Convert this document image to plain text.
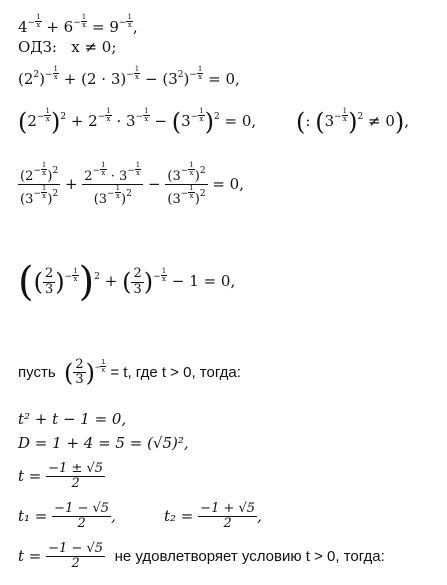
$4^{- \frac{1}{x}} + 6^{- \frac{1}{x}} = 9^{- \frac{1}{x}}$ ,
ОДЗ: x ≠ 0;
$(2^2)^{- \frac{1}{x}} + (2 \cdot 3)^{- \frac{1}{x}} - (3^2)^{- \frac{1}{x}} = 0$,
($2^{- \frac{1}{x}}$ )$^2 + 2^{- \frac{1}{x}} \cdot 3^{- \frac{1}{x}} - (3^{- \frac{1}{x}}$ )$^2$ = 0, (: ($3^{- \frac{1}{x}}$ )$^2$ ≠ 0),
($2^{- \frac{1}{x}}$ )$^2$
($3^{- \frac{1}{x}}$ )$^2 + 2^{- \frac{1}{x}} \cdot 3^{- \frac{1}{x}}$
($3^{- \frac{1}{x}}$ )$^2 - (3^{- \frac{1}{x}}$ )$^2$
($3^{- \frac{1}{x}}$ )$^2$ = 0,
(( $\frac{2}{3} )^{- \frac{1}{x}}$ )$^2$ + ( $\frac{2}{3} )^{- \frac{1}{x}} - 1 = 0$,
пусть ( $\frac{2}{3} )^{- \frac{1}{x}} = t$, где t > 0, тогда:
t² + t − 1 = 0,
D = 1 + 4 = 5 = (√5)²,
$t = \frac{-1 \pm √5}{2}$
$t_1 = \frac{-1 - √5}{2}$ ,	$t_2 = \frac{-1 + √5}{2}$ ,
$t = \frac{-1 - √5}{2}$ не удовлетворяет условию t > 0, тогда:
